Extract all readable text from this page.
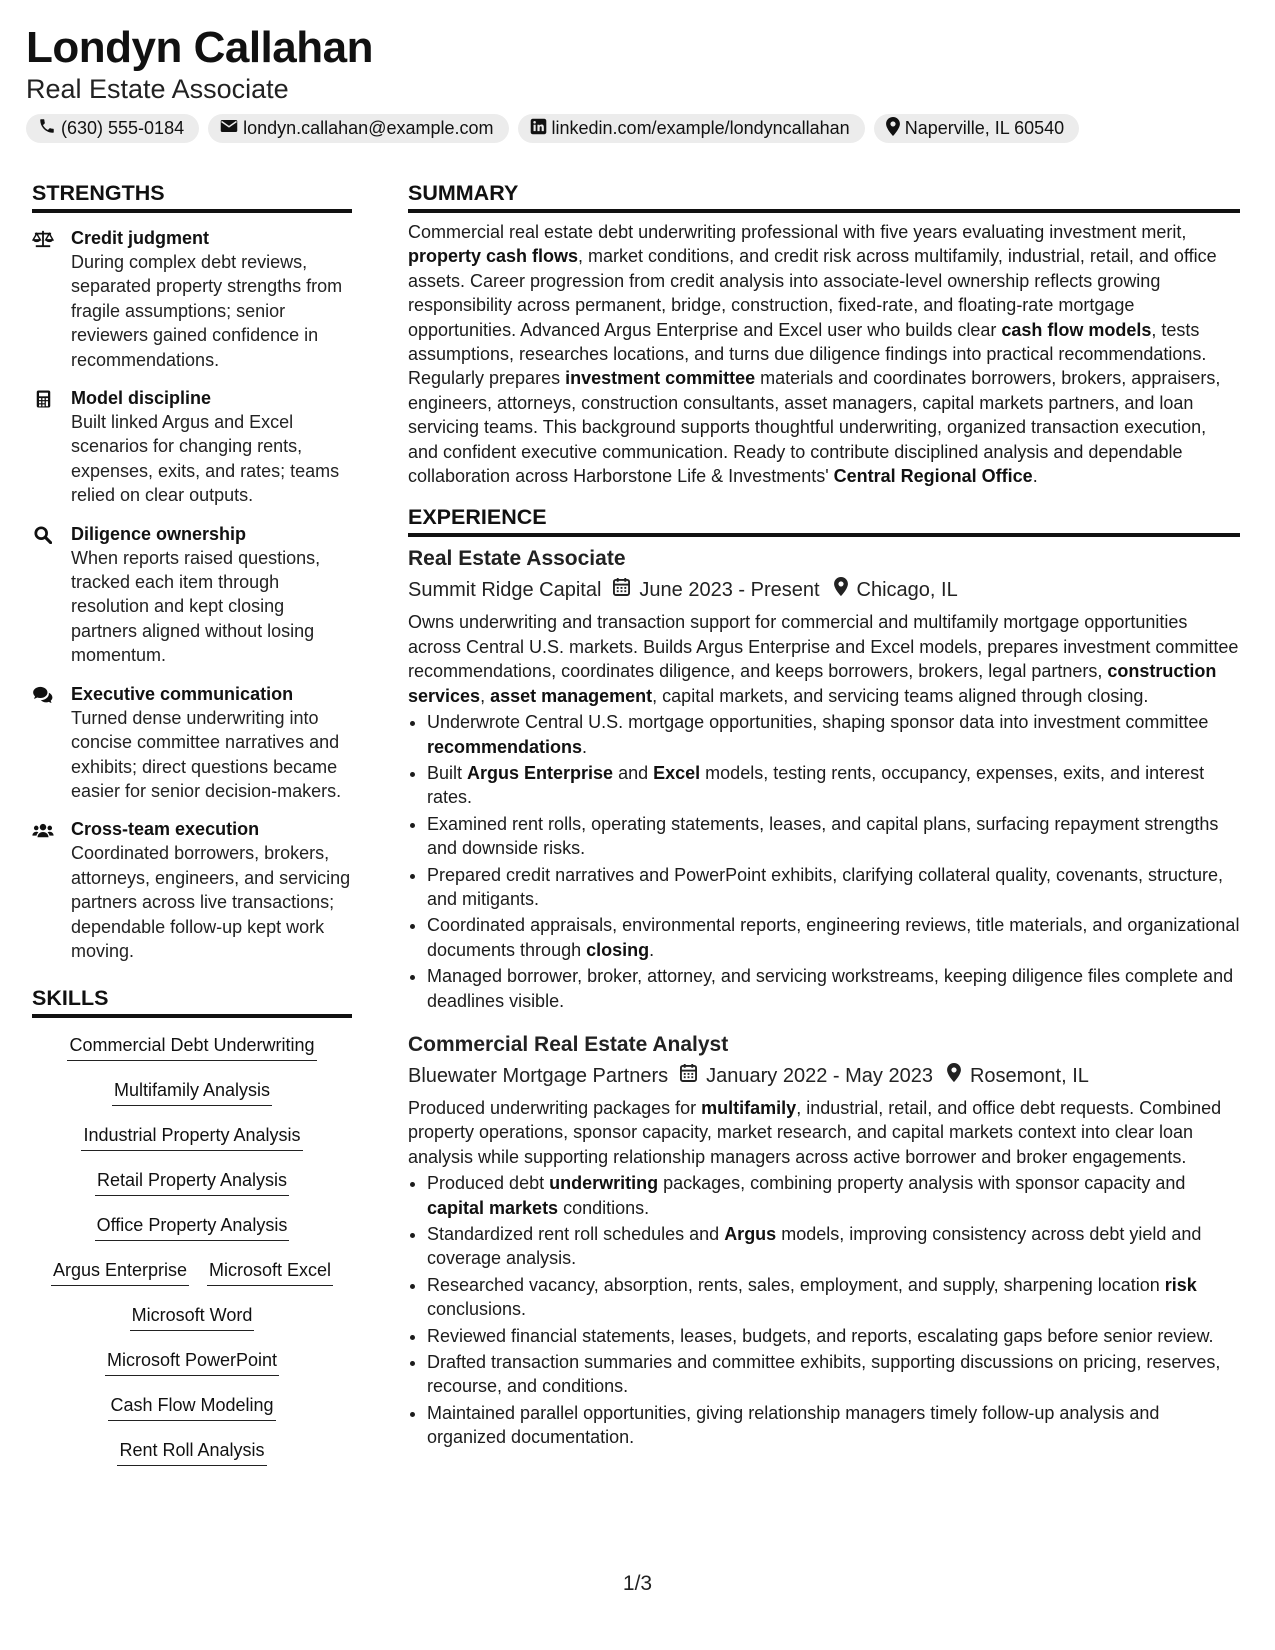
Londyn Callahan
Real Estate Associate
(630) 555-0184	londyn.callahan@example.com	linkedin.com/example/londyncallahan	Naperville, IL 60540
STRENGTHS
Credit judgment
During complex debt reviews, separated property strengths from fragile assumptions; senior reviewers gained confidence in recommendations.
Model discipline
Built linked Argus and Excel scenarios for changing rents, expenses, exits, and rates; teams relied on clear outputs.
Diligence ownership
When reports raised questions, tracked each item through resolution and kept closing partners aligned without losing momentum.
Executive communication
Turned dense underwriting into concise committee narratives and exhibits; direct questions became easier for senior decision-makers.
Cross-team execution
Coordinated borrowers, brokers, attorneys, engineers, and servicing partners across live transactions; dependable follow-up kept work moving.
SKILLS
Commercial Debt Underwriting
Multifamily Analysis
Industrial Property Analysis
Retail Property Analysis
Office Property Analysis
Argus Enterprise Microsoft Excel
Microsoft Word
Microsoft PowerPoint
Cash Flow Modeling
Rent Roll Analysis
SUMMARY
Commercial real estate debt underwriting professional with five years evaluating investment merit, property cash flows, market conditions, and credit risk across multifamily, industrial, retail, and office assets. Career progression from credit analysis into associate-level ownership reflects growing responsibility across permanent, bridge, construction, fixed-rate, and floating-rate mortgage opportunities. Advanced Argus Enterprise and Excel user who builds clear cash flow models, tests assumptions, researches locations, and turns due diligence findings into practical recommendations. Regularly prepares investment committee materials and coordinates borrowers, brokers, appraisers, engineers, attorneys, construction consultants, asset managers, capital markets partners, and loan servicing teams. This background supports thoughtful underwriting, organized transaction execution, and confident executive communication. Ready to contribute disciplined analysis and dependable collaboration across Harborstone Life & Investments' Central Regional Office.
EXPERIENCE
Real Estate Associate
Summit Ridge Capital June 2023 - Present Chicago, IL
Owns underwriting and transaction support for commercial and multifamily mortgage opportunities across Central U.S. markets. Builds Argus Enterprise and Excel models, prepares investment committee recommendations, coordinates diligence, and keeps borrowers, brokers, legal partners, construction services, asset management, capital markets, and servicing teams aligned through closing.
• Underwrote Central U.S. mortgage opportunities, shaping sponsor data into investment committee recommendations.
• Built Argus Enterprise and Excel models, testing rents, occupancy, expenses, exits, and interest rates.
• Examined rent rolls, operating statements, leases, and capital plans, surfacing repayment strengths and downside risks.
• Prepared credit narratives and PowerPoint exhibits, clarifying collateral quality, covenants, structure, and mitigants.
• Coordinated appraisals, environmental reports, engineering reviews, title materials, and organizational documents through closing.
• Managed borrower, broker, attorney, and servicing workstreams, keeping diligence files complete and deadlines visible.
Commercial Real Estate Analyst
Bluewater Mortgage Partners January 2022 - May 2023 Rosemont, IL
Produced underwriting packages for multifamily, industrial, retail, and office debt requests. Combined property operations, sponsor capacity, market research, and capital markets context into clear loan analysis while supporting relationship managers across active borrower and broker engagements.
• Produced debt underwriting packages, combining property analysis with sponsor capacity and capital markets conditions.
• Standardized rent roll schedules and Argus models, improving consistency across debt yield and coverage analysis.
• Researched vacancy, absorption, rents, sales, employment, and supply, sharpening location risk conclusions.
• Reviewed financial statements, leases, budgets, and reports, escalating gaps before senior review.
• Drafted transaction summaries and committee exhibits, supporting discussions on pricing, reserves, recourse, and conditions.
• Maintained parallel opportunities, giving relationship managers timely follow-up analysis and organized documentation.
1/3
